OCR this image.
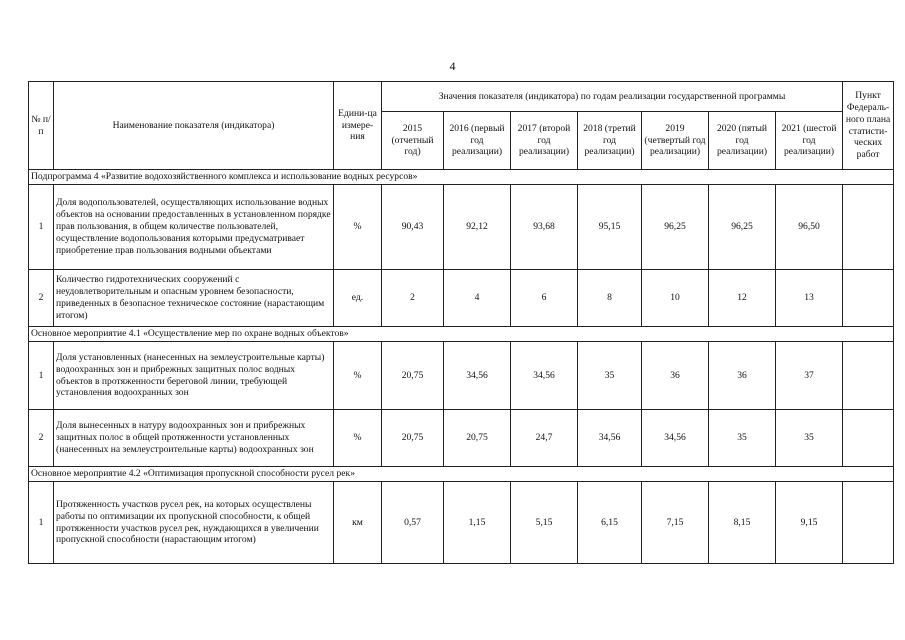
4
№ п/п	Наименование показателя (индикатора)	Едини-ца измере-ния	Значения показателя (индикатора) по годам реализации государственной программы							Пункт Федераль-ного плана статисти-ческих работ
			2015 (отчетный год)	2016 (первый год реализации)	2017 (второй год реализации)	2018 (третий год реализации)	2019 (четвертый год реализации)	2020 (пятый год реализации)	2021 (шестой год реализации)	
Подпрограмма 4 «Развитие водохозяйственного комплекса и использование водных ресурсов»										
1	Доля водопользователей, осуществляющих использование водных объектов на основании предоставленных в установленном порядке прав пользования, в общем количестве пользователей, осуществление водопользования которыми предусматривает приобретение прав пользования водными объектами	%	90,43	92,12	93,68	95,15	96,25	96,25	96,50	
2	Количество гидротехнических сооружений с неудовлетворительным и опасным уровнем безопасности, приведенных в безопасное техническое состояние (нарастающим итогом)	ед.	2	4	6	8	10	12	13	
Основное мероприятие 4.1 «Осуществление мер по охране водных объектов»										
1	Доля установленных (нанесенных на землеустроительные карты) водоохранных зон и прибрежных защитных полос водных объектов в протяженности береговой линии, требующей установления водоохранных зон	%	20,75	34,56	34,56	35	36	36	37	
2	Доля вынесенных в натуру водоохранных зон и прибрежных защитных полос в общей протяженности установленных (нанесенных на землеустроительные карты) водоохранных зон	%	20,75	20,75	24,7	34,56	34,56	35	35	
Основное мероприятие 4.2 «Оптимизация пропускной способности русел рек»										
1	Протяженность участков русел рек, на которых осуществлены работы по оптимизации их пропускной способности, к общей протяженности участков русел рек, нуждающихся в увеличении пропускной способности (нарастающим итогом)	км	0,57	1,15	5,15	6,15	7,15	8,15	9,15	
